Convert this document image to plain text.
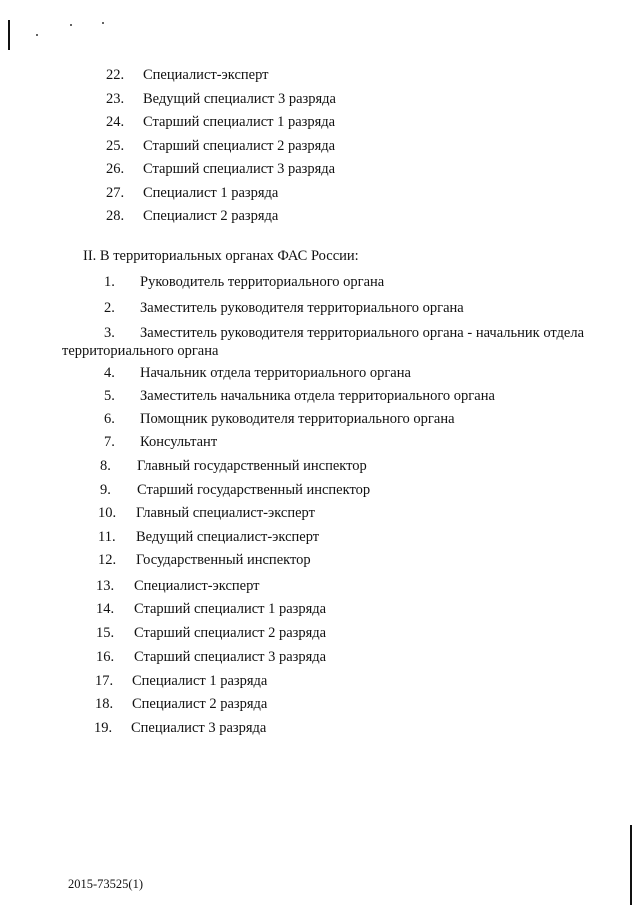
22. Специалист-эксперт
23. Ведущий специалист 3 разряда
24. Старший специалист 1 разряда
25. Старший специалист 2 разряда
26. Старший специалист 3 разряда
27. Специалист 1 разряда
28. Специалист 2 разряда
II. В территориальных органах ФАС России:
1. Руководитель территориального органа
2. Заместитель руководителя территориального органа
3. Заместитель руководителя территориального органа - начальник отдела
территориального органа
4. Начальник отдела территориального органа
5. Заместитель начальника отдела территориального органа
6. Помощник руководителя территориального органа
7. Консультант
8. Главный государственный инспектор
9. Старший государственный инспектор
10. Главный специалист-эксперт
11. Ведущий специалист-эксперт
12. Государственный инспектор
13. Специалист-эксперт
14. Старший специалист 1 разряда
15. Старший специалист 2 разряда
16. Старший специалист 3 разряда
17. Специалист 1 разряда
18. Специалист 2 разряда
19. Специалист 3 разряда
2015-73525(1)
